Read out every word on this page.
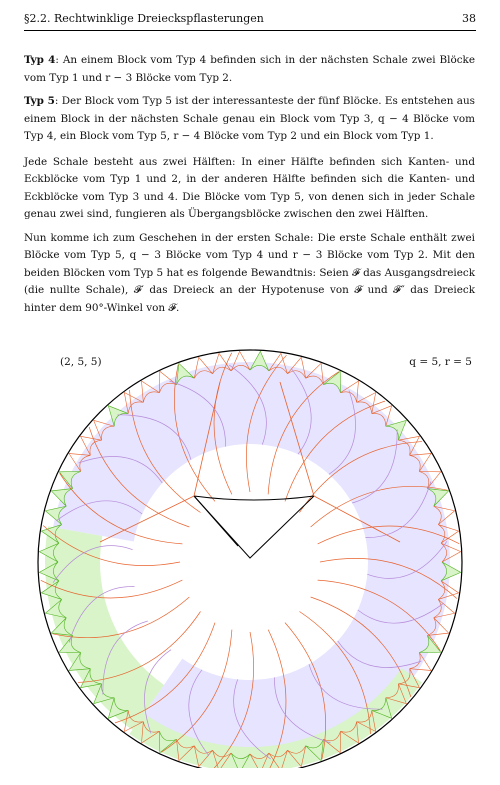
§2.2. Rechtwinklige Dreieckspflasterungen	38

Typ 4: An einem Block vom Typ 4 befinden sich in der nächsten Schale zwei Blöcke vom Typ 1 und r − 3 Blöcke vom Typ 2.

Typ 5: Der Block vom Typ 5 ist der interessanteste der fünf Blöcke. Es entstehen aus einem Block in der nächsten Schale genau ein Block vom Typ 3, q − 4 Blöcke vom Typ 4, ein Block vom Typ 5, r − 4 Blöcke vom Typ 2 und ein Block vom Typ 1.

Jede Schale besteht aus zwei Hälften: In einer Hälfte befinden sich Kanten- und Eckblöcke vom Typ 1 und 2, in der anderen Hälfte befinden sich die Kanten- und Eckblöcke vom Typ 3 und 4. Die Blöcke vom Typ 5, von denen sich in jeder Schale genau zwei sind, fungieren als Übergangsblöcke zwischen den zwei Hälften.

Nun komme ich zum Geschehen in der ersten Schale: Die erste Schale enthält zwei Blöcke vom Typ 5, q − 3 Blöcke vom Typ 4 und r − 3 Blöcke vom Typ 2. Mit den beiden Blöcken vom Typ 5 hat es folgende Bewandtnis: Seien 𝓕 das Ausgangsdreieck (die nullte Schale), 𝓕′ das Dreieck an der Hypotenuse von 𝓕 und 𝓕″ das Dreieck hinter dem 90°-Winkel von 𝓕.

(2, 5, 5)	q = 5, r = 5
